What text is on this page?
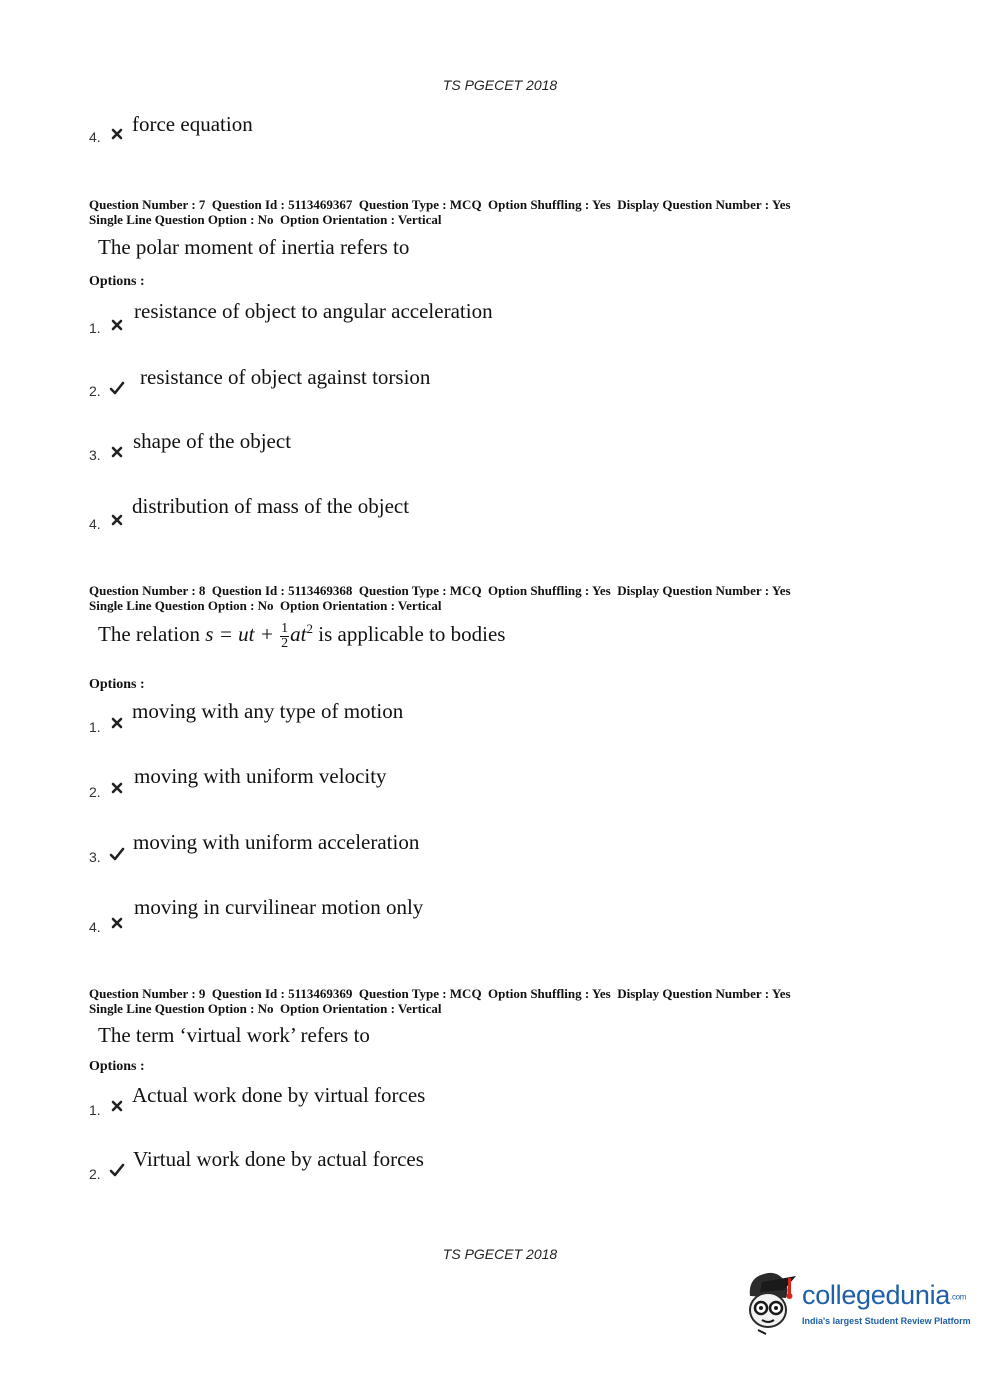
TS PGECET 2018
4.
force equation
Question Number : 7  Question Id : 5113469367  Question Type : MCQ  Option Shuffling : Yes  Display Question Number : Yes
Single Line Question Option : No  Option Orientation : Vertical
The polar moment of inertia refers to
Options :
1.
resistance of object to angular acceleration
2.
resistance of object against torsion
3.
shape of the object
4.
distribution of mass of the object
Question Number : 8  Question Id : 5113469368  Question Type : MCQ  Option Shuffling : Yes  Display Question Number : Yes
Single Line Question Option : No  Option Orientation : Vertical
The relation s = ut + $\frac{1}{2} at^2$ is applicable to bodies
Options :
1.
moving with any type of motion
2.
moving with uniform velocity
3.
moving with uniform acceleration
4.
moving in curvilinear motion only
Question Number : 9  Question Id : 5113469369  Question Type : MCQ  Option Shuffling : Yes  Display Question Number : Yes
Single Line Question Option : No  Option Orientation : Vertical
The term ‘virtual work’ refers to
Options :
1.
Actual work done by virtual forces
2.
Virtual work done by actual forces
TS PGECET 2018
collegedunia.com
India's largest Student Review Platform
